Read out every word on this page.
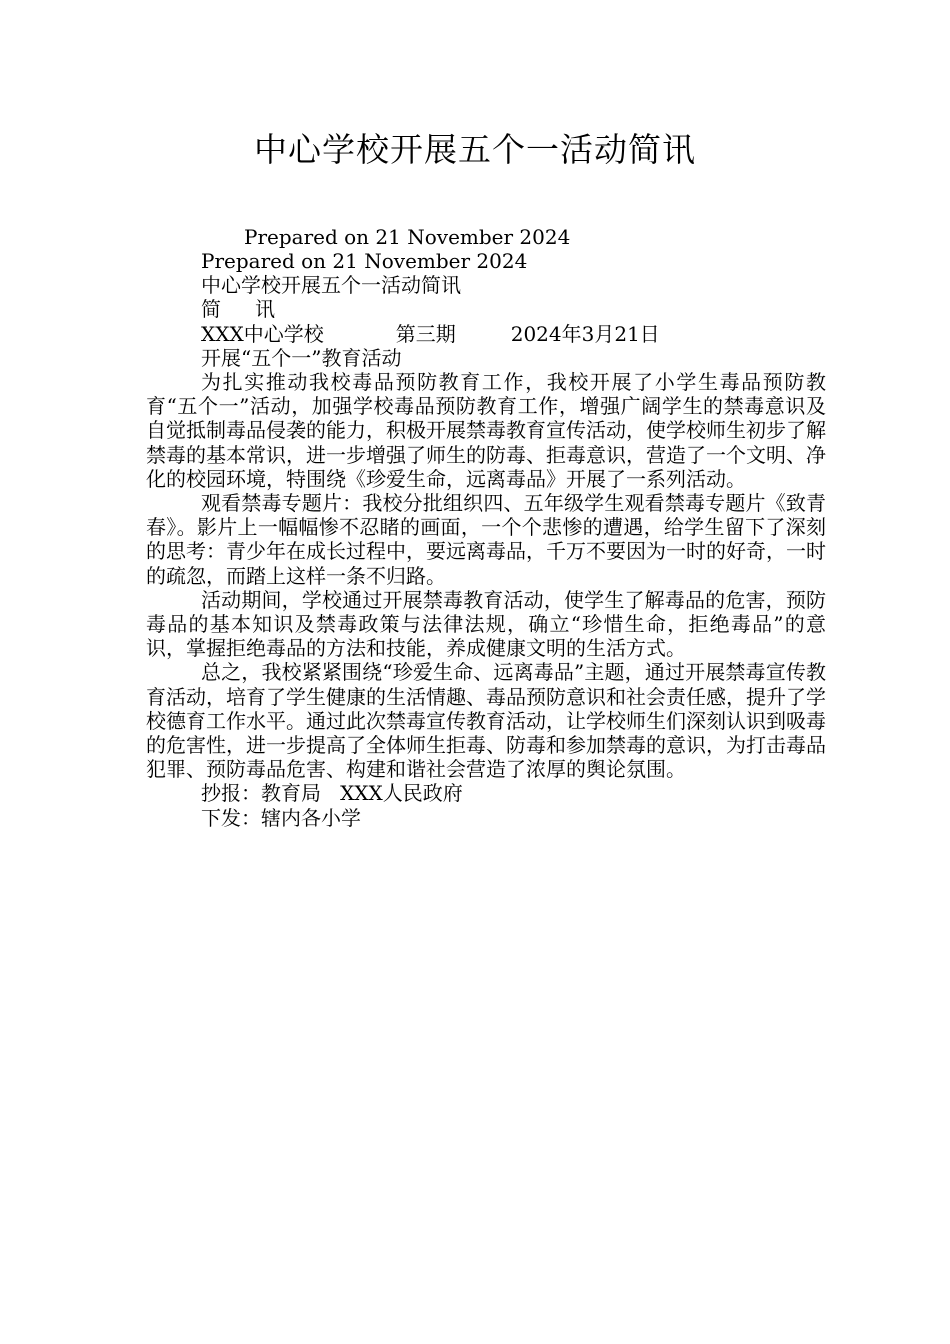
中心学校开展五个一活动简讯
Prepared on 21 November 2024
Prepared on 21 November 2024
中心学校开展五个一活动简讯
简 讯
XXX中心学校	第三期	2024年3月21日
开展“五个一”教育活动
为扎实推动我校毒品预防教育工作，我校开展了小学生毒品预防教育“五个一”活动，加强学校毒品预防教育工作，增强广阔学生的禁毒意识及自觉抵制毒品侵袭的能力，积极开展禁毒教育宣传活动，使学校师生初步了解禁毒的基本常识，进一步增强了师生的防毒、拒毒意识，营造了一个文明、净化的校园环境，特围绕《珍爱生命，远离毒品》开展了一系列活动。
观看禁毒专题片：我校分批组织四、五年级学生观看禁毒专题片《致青春》。影片上一幅幅惨不忍睹的画面，一个个悲惨的遭遇，给学生留下了深刻的思考：青少年在成长过程中，要远离毒品，千万不要因为一时的好奇，一时的疏忽，而踏上这样一条不归路。
活动期间，学校通过开展禁毒教育活动，使学生了解毒品的危害，预防毒品的基本知识及禁毒政策与法律法规，确立“珍惜生命，拒绝毒品”的意识，掌握拒绝毒品的方法和技能，养成健康文明的生活方式。
总之，我校紧紧围绕“珍爱生命、远离毒品”主题，通过开展禁毒宣传教育活动，培育了学生健康的生活情趣、毒品预防意识和社会责任感，提升了学校德育工作水平。通过此次禁毒宣传教育活动，让学校师生们深刻认识到吸毒的危害性，进一步提高了全体师生拒毒、防毒和参加禁毒的意识，为打击毒品犯罪、预防毒品危害、构建和谐社会营造了浓厚的舆论氛围。
抄报：教育局   XXX人民政府
下发：辖内各小学
